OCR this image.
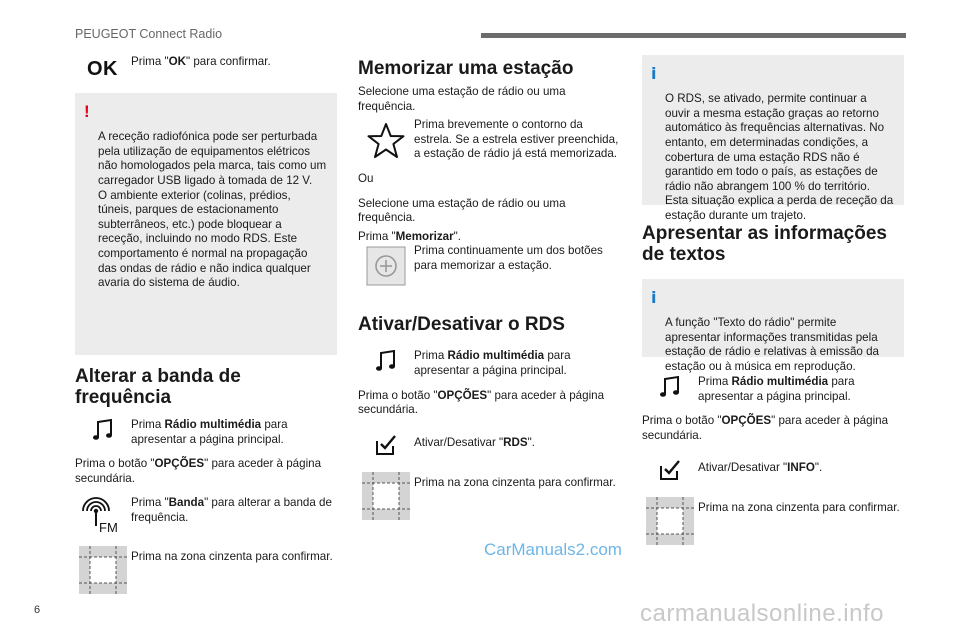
PEUGEOT Connect Radio
OK Prima "OK" para confirmar.

!

A receção radiofónica pode ser perturbada pela utilização de equipamentos elétricos não homologados pela marca, tais como um carregador USB ligado à tomada de 12 V.
O ambiente exterior (colinas, prédios, túneis, parques de estacionamento subterrâneos, etc.) pode bloquear a receção, incluindo no modo RDS. Este comportamento é normal na propagação das ondas de rádio e não indica qualquer avaria do sistema de áudio.

Alterar a banda de frequência
Prima Rádio multimédia para apresentar a página principal.
Prima o botão "OPÇÕES" para aceder à página secundária.
FM
Prima "Banda" para alterar a banda de frequência.
Prima na zona cinzenta para confirmar.
Memorizar uma estação
Selecione uma estação de rádio ou uma frequência.
Prima brevemente o contorno da estrela. Se a estrela estiver preenchida, a estação de rádio já está memorizada.
Ou
Selecione uma estação de rádio ou uma frequência.
Prima "Memorizar".
Prima continuamente um dos botões para memorizar a estação.
Ativar/Desativar o RDS
Prima Rádio multimédia para apresentar a página principal.
Prima o botão "OPÇÕES" para aceder à página secundária.
Ativar/Desativar "RDS".
Prima na zona cinzenta para confirmar.

i

O RDS, se ativado, permite continuar a ouvir a mesma estação graças ao retorno automático às frequências alternativas. No entanto, em determinadas condições, a cobertura de uma estação RDS não é garantido em todo o país, as estações de rádio não abrangem 100 % do território. Esta situação explica a perda de receção da estação durante um trajeto.

Apresentar as informações de textos

i

A função "Texto do rádio" permite apresentar informações transmitidas pela estação de rádio e relativas à emissão da estação ou à música em reprodução.

Prima Rádio multimédia para apresentar a página principal.
Prima o botão "OPÇÕES" para aceder à página secundária.
Ativar/Desativar "INFO".
Prima na zona cinzenta para confirmar.
CarManuals2.com
6	carmanualsonline.info
